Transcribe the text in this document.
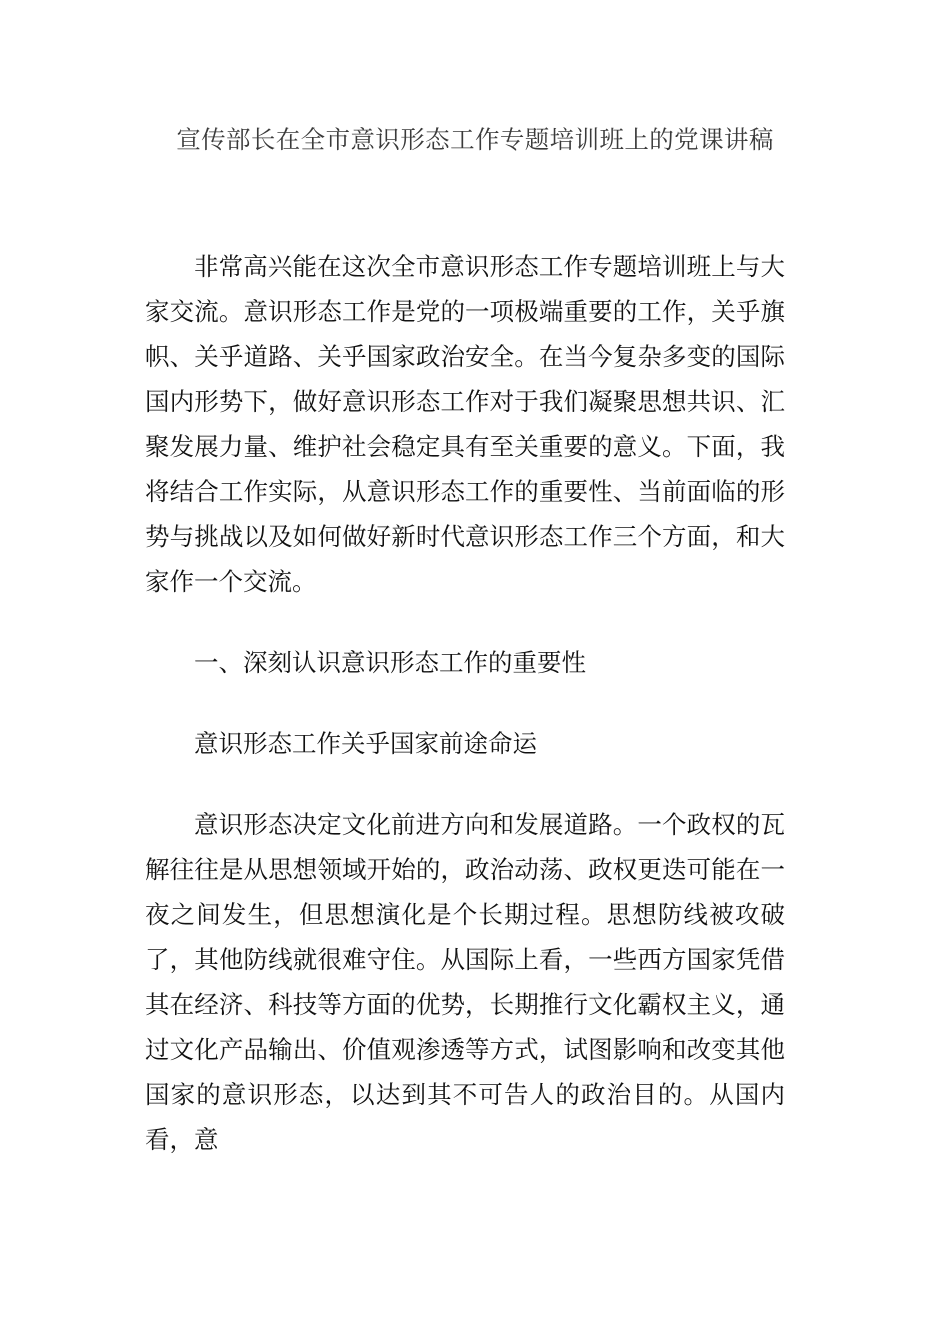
宣传部长在全市意识形态工作专题培训班上的党课讲稿

非常高兴能在这次全市意识形态工作专题培训班上与大家交流。意识形态工作是党的一项极端重要的工作，关乎旗帜、关乎道路、关乎国家政治安全。在当今复杂多变的国际国内形势下，做好意识形态工作对于我们凝聚思想共识、汇聚发展力量、维护社会稳定具有至关重要的意义。下面，我将结合工作实际，从意识形态工作的重要性、当前面临的形势与挑战以及如何做好新时代意识形态工作三个方面，和大家作一个交流。

一、深刻认识意识形态工作的重要性

意识形态工作关乎国家前途命运

意识形态决定文化前进方向和发展道路。一个政权的瓦解往往是从思想领域开始的，政治动荡、政权更迭可能在一夜之间发生，但思想演化是个长期过程。思想防线被攻破了，其他防线就很难守住。从国际上看，一些西方国家凭借其在经济、科技等方面的优势，长期推行文化霸权主义，通过文化产品输出、价值观渗透等方式，试图影响和改变其他国家的意识形态，以达到其不可告人的政治目的。从国内看，意
